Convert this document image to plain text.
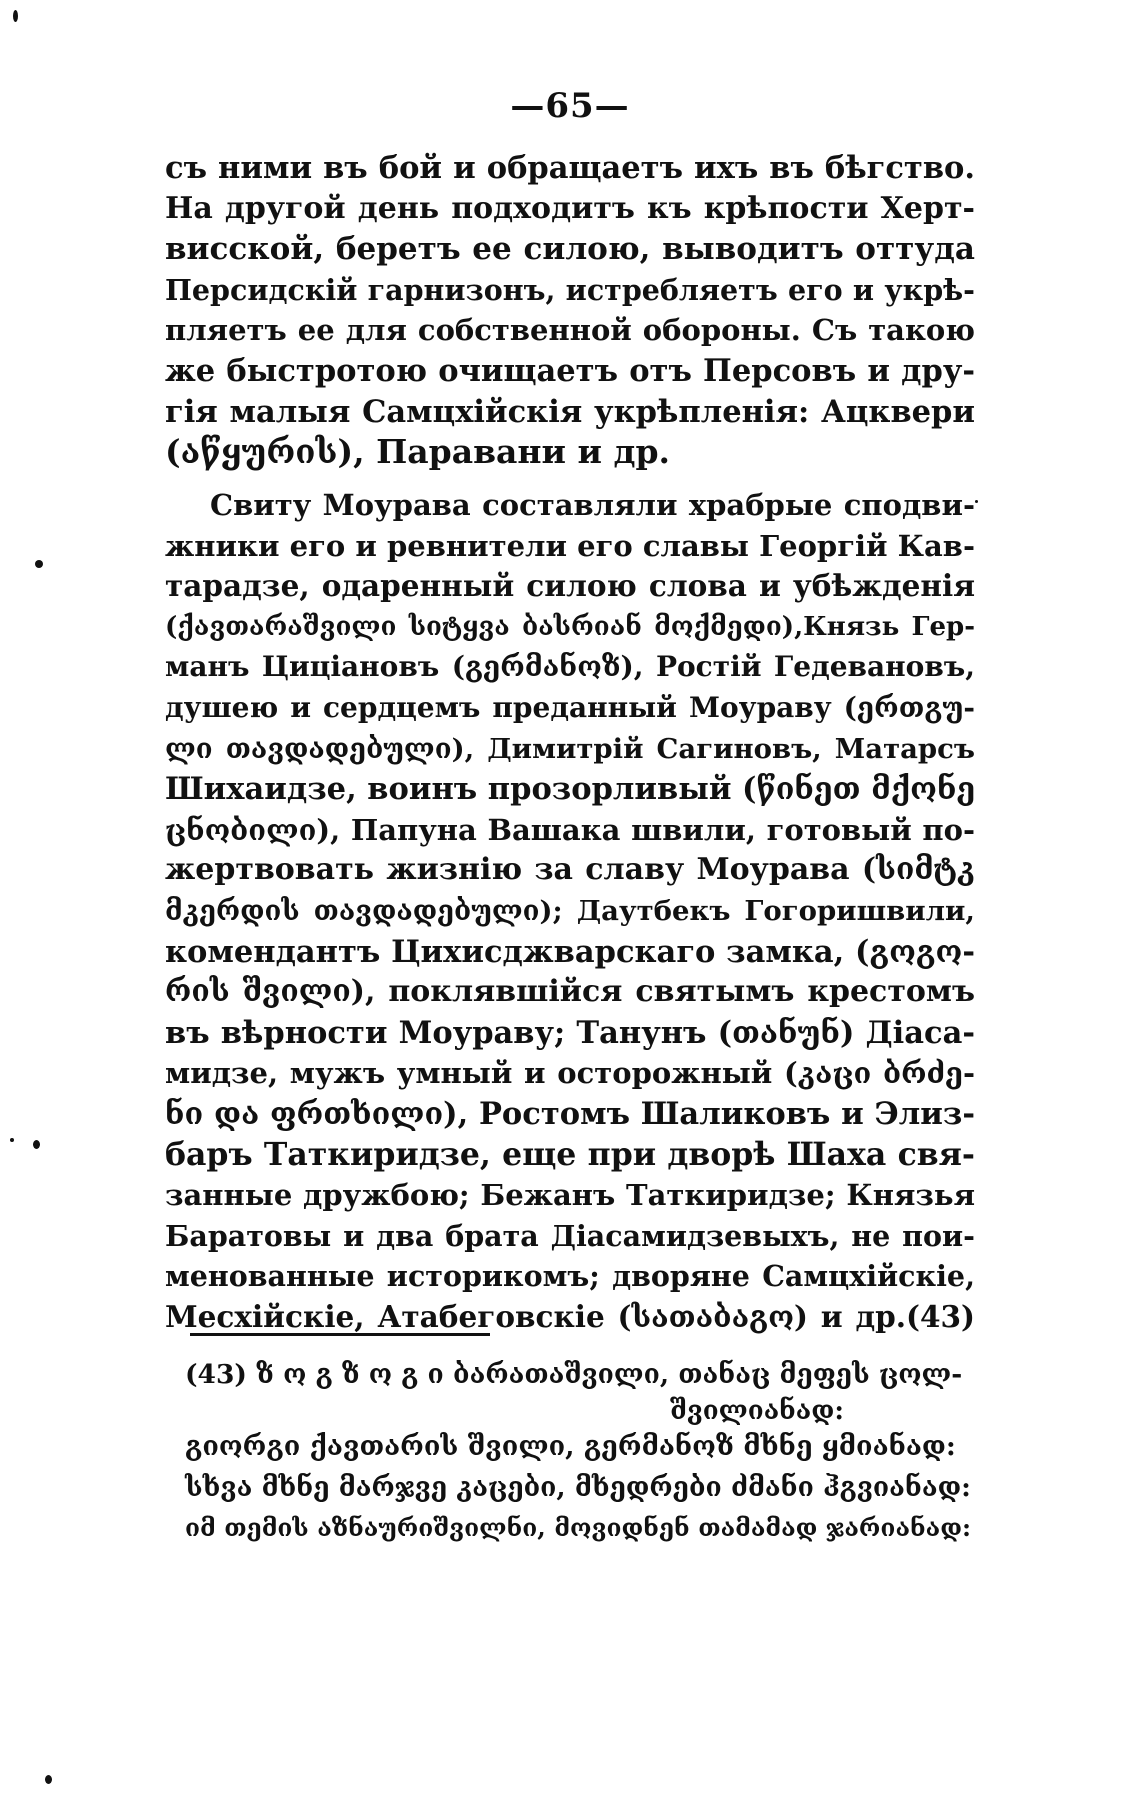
—65—
съ ними въ бой и обращаетъ ихъ въ бѣгство.
На другой день подходитъ къ крѣпости Херт-
висской, беретъ ее силою, выводитъ оттуда
Персидскій гарнизонъ, истребляетъ его и укрѣ-
пляетъ ее для собственной обороны. Съ такою
же быстротою очищаетъ отъ Персовъ и дру-
гія малыя Самцхійскія укрѣпленія: Ацквери
(აწყურის), Паравани и др.
Свиту Моурава составляли храбрые сподви-
жники его и ревнители его славы Георгій Кав-
тарадзе, одаренный силою слова и убѣжденія
(ქავთარაშვილი სიტყვა ბასრიან მოქმედი),Князь Гер-
манъ Цицiановъ (გერმანოზ), Ростій Гедевановъ,
душею и сердцемъ преданный Моураву (ერთგუ-
ლი თავდადებული), Димитрій Сагиновъ, Матарсъ
Шихаидзе, воинъ прозорливый (წინეთ მქონე
ცნობილი), Папуна Вашака швили, готовый по-
жертвовать жизнію за славу Моурава (სიმტკ
მკერდის თავდადებული); Даутбекъ Гогоришвили,
комендантъ Цихисджварскаго замка, (გოგო-
რის შვილი), поклявшійся святымъ крестомъ
въ вѣрности Моураву; Танунъ (თანუნ) Діаса-
мидзе, мужъ умный и осторожный (კაცი ბრძე-
ნი და ფრთხილი), Ростомъ Шаликовъ и Элиз-
баръ Таткиридзе, еще при дворѣ Шаха свя-
занные дружбою; Бежанъ Таткиридзе; Князья
Баратовы и два брата Діасамидзевыхъ, не пои-
менованные историкомъ; дворяне Самцхійскіе,
Месхійскіе, Атабеговскіе (სათაბაგო) и др.(43)
(43) ზ ო გ ზ ო გ ი ბარათაშვილი, თანაც მეფეს ცოლ-
შვილიანად:
გიორგი ქავთარის შვილი, გერმანოზ მხნე ყმიანად:
სხვა მხნე მარჯვე კაცები, მხედრები ძმანი ჰგვიანად:
იმ თემის აზნაურიშვილნი, მოვიდნენ თამამად ჯარიანად:
